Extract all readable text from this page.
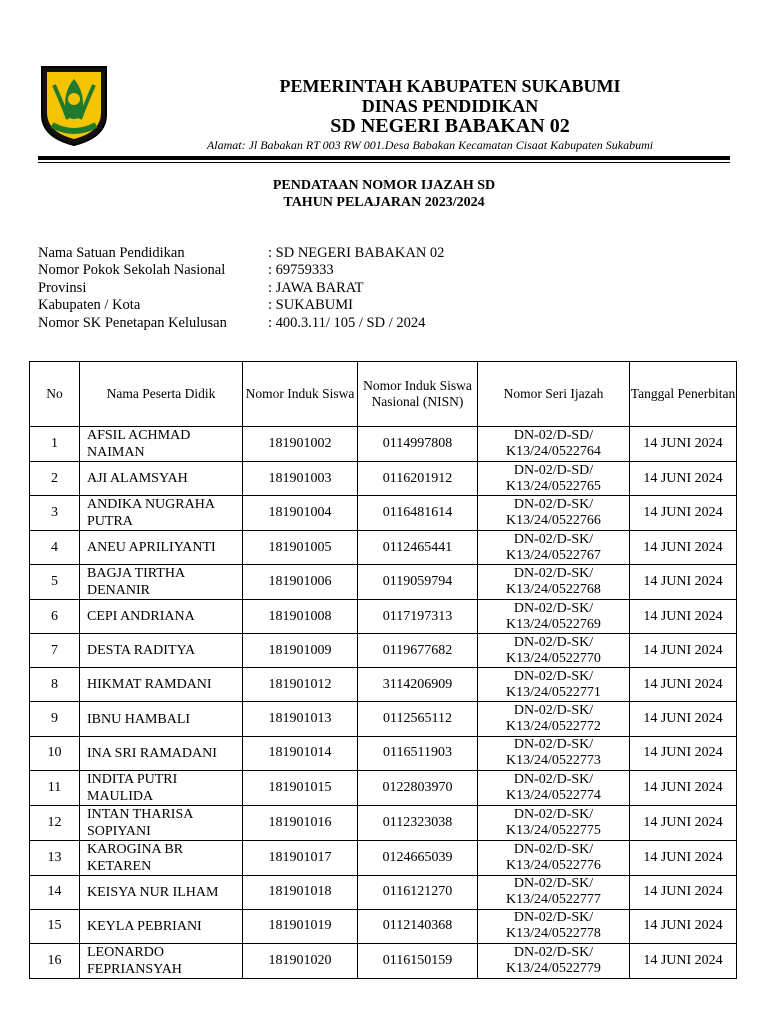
PEMERINTAH KABUPATEN SUKABUMI
DINAS PENDIDIKAN
SD NEGERI BABAKAN 02
Alamat: Jl Babakan RT 003 RW 001.Desa Babakan Kecamatan Cisaat Kabupaten Sukabumi
PENDATAAN NOMOR IJAZAH SD
TAHUN PELAJARAN 2023/2024
Nama Satuan Pendidikan	: SD NEGERI BABAKAN 02
Nomor Pokok Sekolah Nasional	: 69759333
Provinsi	: JAWA BARAT
Kabupaten / Kota	: SUKABUMI
Nomor SK Penetapan Kelulusan	: 400.3.11/ 105 / SD / 2024
No	Nama Peserta Didik	Nomor Induk Siswa	Nomor Induk Siswa Nasional (NISN)	Nomor Seri Ijazah	Tanggal Penerbitan
1	AFSIL ACHMAD NAIMAN	181901002	0114997808	DN-02/D-SD/ K13/24/0522764	14 JUNI 2024
2	AJI ALAMSYAH	181901003	0116201912	DN-02/D-SD/ K13/24/0522765	14 JUNI 2024
3	ANDIKA NUGRAHA PUTRA	181901004	0116481614	DN-02/D-SK/ K13/24/0522766	14 JUNI 2024
4	ANEU APRILIYANTI	181901005	0112465441	DN-02/D-SK/ K13/24/0522767	14 JUNI 2024
5	BAGJA TIRTHA DENANIR	181901006	0119059794	DN-02/D-SK/ K13/24/0522768	14 JUNI 2024
6	CEPI ANDRIANA	181901008	0117197313	DN-02/D-SK/ K13/24/0522769	14 JUNI 2024
7	DESTA RADITYA	181901009	0119677682	DN-02/D-SK/ K13/24/0522770	14 JUNI 2024
8	HIKMAT RAMDANI	181901012	3114206909	DN-02/D-SK/ K13/24/0522771	14 JUNI 2024
9	IBNU HAMBALI	181901013	0112565112	DN-02/D-SK/ K13/24/0522772	14 JUNI 2024
10	INA SRI RAMADANI	181901014	0116511903	DN-02/D-SK/ K13/24/0522773	14 JUNI 2024
11	INDITA PUTRI MAULIDA	181901015	0122803970	DN-02/D-SK/ K13/24/0522774	14 JUNI 2024
12	INTAN THARISA SOPIYANI	181901016	0112323038	DN-02/D-SK/ K13/24/0522775	14 JUNI 2024
13	KAROGINA BR KETAREN	181901017	0124665039	DN-02/D-SK/ K13/24/0522776	14 JUNI 2024
14	KEISYA NUR ILHAM	181901018	0116121270	DN-02/D-SK/ K13/24/0522777	14 JUNI 2024
15	KEYLA PEBRIANI	181901019	0112140368	DN-02/D-SK/ K13/24/0522778	14 JUNI 2024
16	LEONARDO FEPRIANSYAH	181901020	0116150159	DN-02/D-SK/ K13/24/0522779	14 JUNI 2024
